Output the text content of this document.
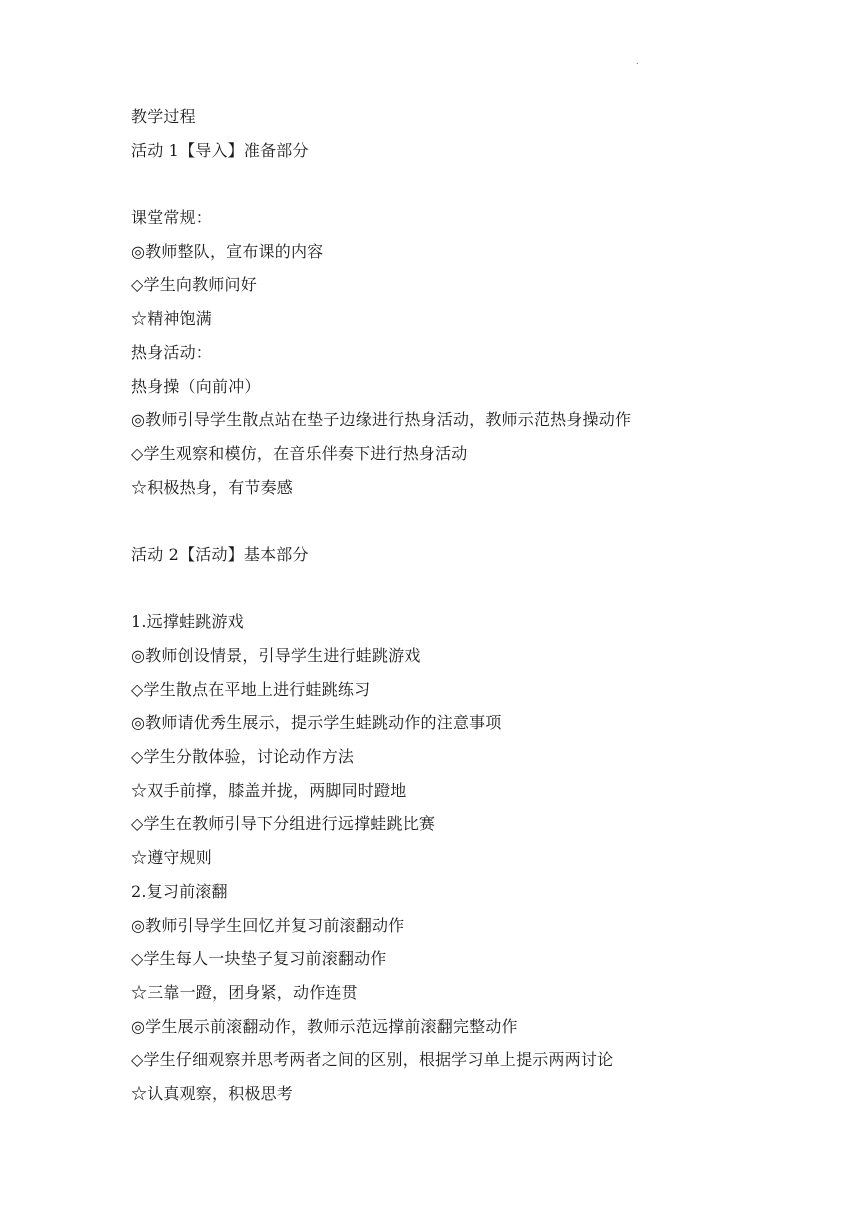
.
教学过程
活动 1【导入】准备部分
课堂常规：
◎教师整队，宣布课的内容
◇学生向教师问好
☆精神饱满
热身活动：
热身操（向前冲）
◎教师引导学生散点站在垫子边缘进行热身活动，教师示范热身操动作
◇学生观察和模仿，在音乐伴奏下进行热身活动
☆积极热身，有节奏感
活动 2【活动】基本部分
1.远撑蛙跳游戏
◎教师创设情景，引导学生进行蛙跳游戏
◇学生散点在平地上进行蛙跳练习
◎教师请优秀生展示，提示学生蛙跳动作的注意事项
◇学生分散体验，讨论动作方法
☆双手前撑，膝盖并拢，两脚同时蹬地
◇学生在教师引导下分组进行远撑蛙跳比赛
☆遵守规则
2.复习前滚翻
◎教师引导学生回忆并复习前滚翻动作
◇学生每人一块垫子复习前滚翻动作
☆三靠一蹬，团身紧，动作连贯
◎学生展示前滚翻动作，教师示范远撑前滚翻完整动作
◇学生仔细观察并思考两者之间的区别，根据学习单上提示两两讨论
☆认真观察，积极思考
